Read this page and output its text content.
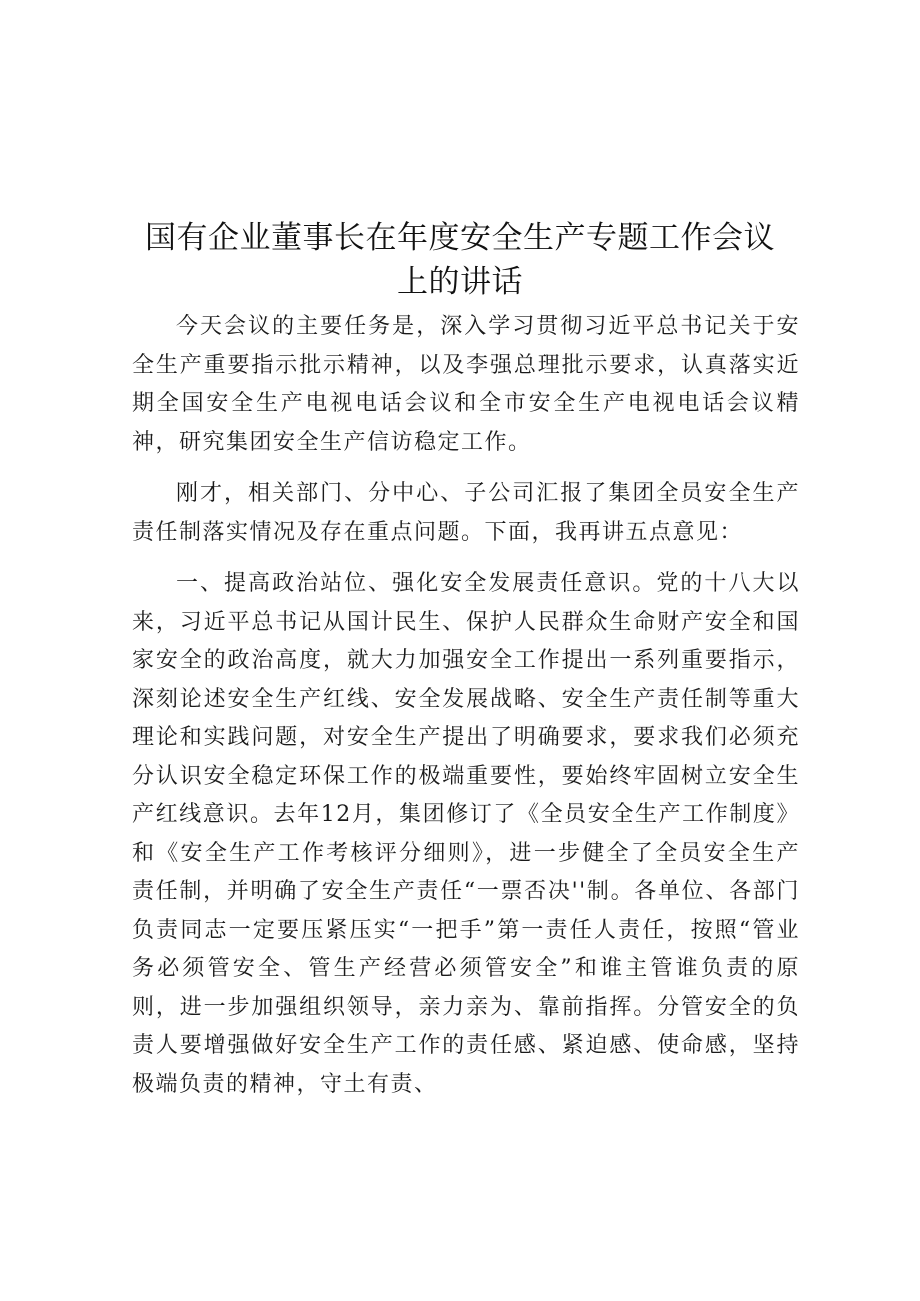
国有企业董事长在年度安全生产专题工作会议
上的讲话

今天会议的主要任务是，深入学习贯彻习近平总书记关于安全生产重要指示批示精神，以及李强总理批示要求，认真落实近期全国安全生产电视电话会议和全市安全生产电视电话会议精神，研究集团安全生产信访稳定工作。

刚才，相关部门、分中心、子公司汇报了集团全员安全生产责任制落实情况及存在重点问题。下面，我再讲五点意见：

一、提高政治站位、强化安全发展责任意识。党的十八大以来，习近平总书记从国计民生、保护人民群众生命财产安全和国家安全的政治高度，就大力加强安全工作提出一系列重要指示，深刻论述安全生产红线、安全发展战略、安全生产责任制等重大理论和实践问题，对安全生产提出了明确要求，要求我们必须充分认识安全稳定环保工作的极端重要性，要始终牢固树立安全生产红线意识。去年12月，集团修订了《全员安全生产工作制度》和《安全生产工作考核评分细则》，进一步健全了全员安全生产责任制，并明确了安全生产责任“一票否决''制。各单位、各部门负责同志一定要压紧压实“一把手”第一责任人责任，按照“管业务必须管安全、管生产经营必须管安全”和谁主管谁负责的原则，进一步加强组织领导，亲力亲为、靠前指挥。分管安全的负责人要增强做好安全生产工作的责任感、紧迫感、使命感，坚持极端负责的精神，守土有责、
